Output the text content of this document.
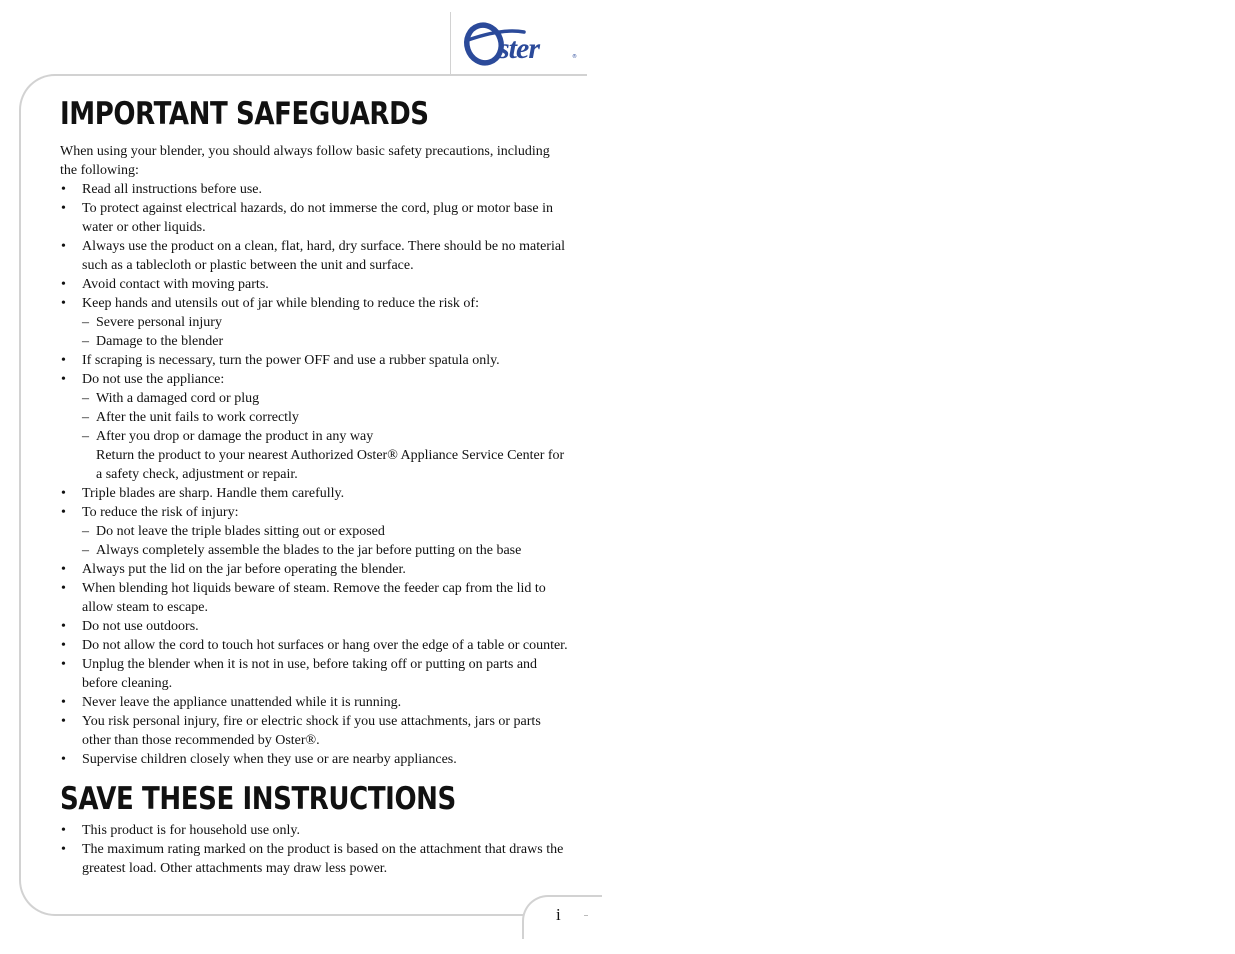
ster	®
IMPORTANT SAFEGUARDS

When using your blender, you should always follow basic safety precautions, including the following:

• Read all instructions before use.
• To protect against electrical hazards, do not immerse the cord, plug or motor base in water or other liquids.
• Always use the product on a clean, flat, hard, dry surface. There should be no material such as a tablecloth or plastic between the unit and surface.
• Avoid contact with moving parts.
• Keep hands and utensils out of jar while blending to reduce the risk of:
– Severe personal injury
– Damage to the blender
• If scraping is necessary, turn the power OFF and use a rubber spatula only.
• Do not use the appliance:
– With a damaged cord or plug
– After the unit fails to work correctly
– After you drop or damage the product in any way
Return the product to your nearest Authorized Oster® Appliance Service Center for a safety check, adjustment or repair.
• Triple blades are sharp. Handle them carefully.
• To reduce the risk of injury:
– Do not leave the triple blades sitting out or exposed
– Always completely assemble the blades to the jar before putting on the base
• Always put the lid on the jar before operating the blender.
• When blending hot liquids beware of steam. Remove the feeder cap from the lid to allow steam to escape.
• Do not use outdoors.
• Do not allow the cord to touch hot surfaces or hang over the edge of a table or counter.
• Unplug the blender when it is not in use, before taking off or putting on parts and before cleaning.
• Never leave the appliance unattended while it is running.
• You risk personal injury, fire or electric shock if you use attachments, jars or parts other than those recommended by Oster®.
• Supervise children closely when they use or are nearby appliances.
SAVE THESE INSTRUCTIONS
• This product is for household use only.
• The maximum rating marked on the product is based on the attachment that draws the greatest load. Other attachments may draw less power.
i
